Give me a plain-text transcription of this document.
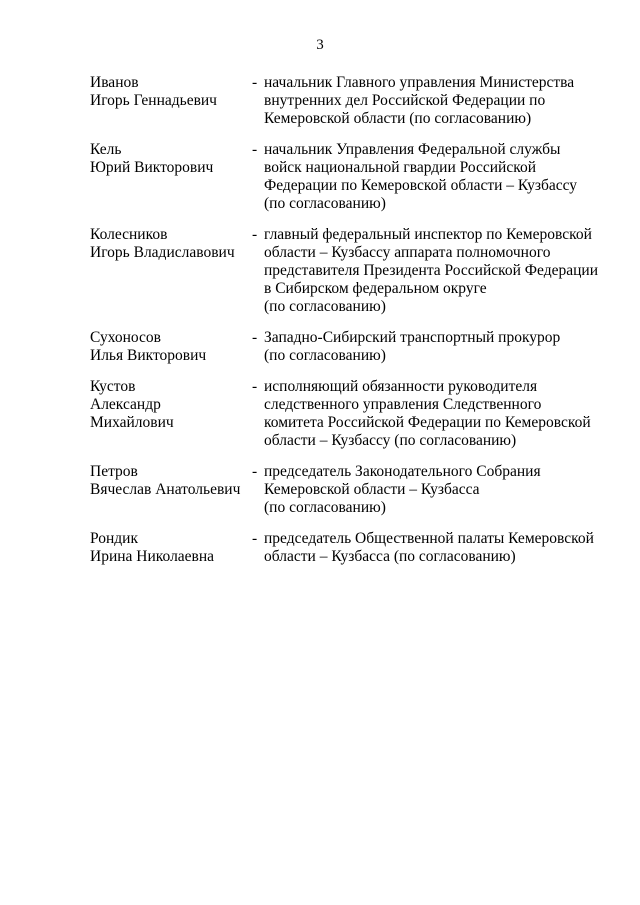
3
Иванов
Игорь Геннадьевич
- начальник Главного управления Министерства
внутренних дел Российской Федерации по
Кемеровской области (по согласованию)
Кель
Юрий Викторович
- начальник Управления Федеральной службы
войск национальной гвардии Российской
Федерации по Кемеровской области – Кузбассу
(по согласованию)
Колесников
Игорь Владиславович
- главный федеральный инспектор по Кемеровской
области – Кузбассу аппарата полномочного
представителя Президента Российской Федерации
в Сибирском федеральном округе
(по согласованию)
Сухоносов
Илья Викторович
- Западно-Сибирский транспортный прокурор
(по согласованию)
Кустов
Александр
Михайлович
- исполняющий обязанности руководителя
следственного управления Следственного
комитета Российской Федерации по Кемеровской
области – Кузбассу (по согласованию)
Петров
Вячеслав Анатольевич
- председатель Законодательного Собрания
Кемеровской области – Кузбасса
(по согласованию)
Рондик
Ирина Николаевна
- председатель Общественной палаты Кемеровской
области – Кузбасса (по согласованию)
